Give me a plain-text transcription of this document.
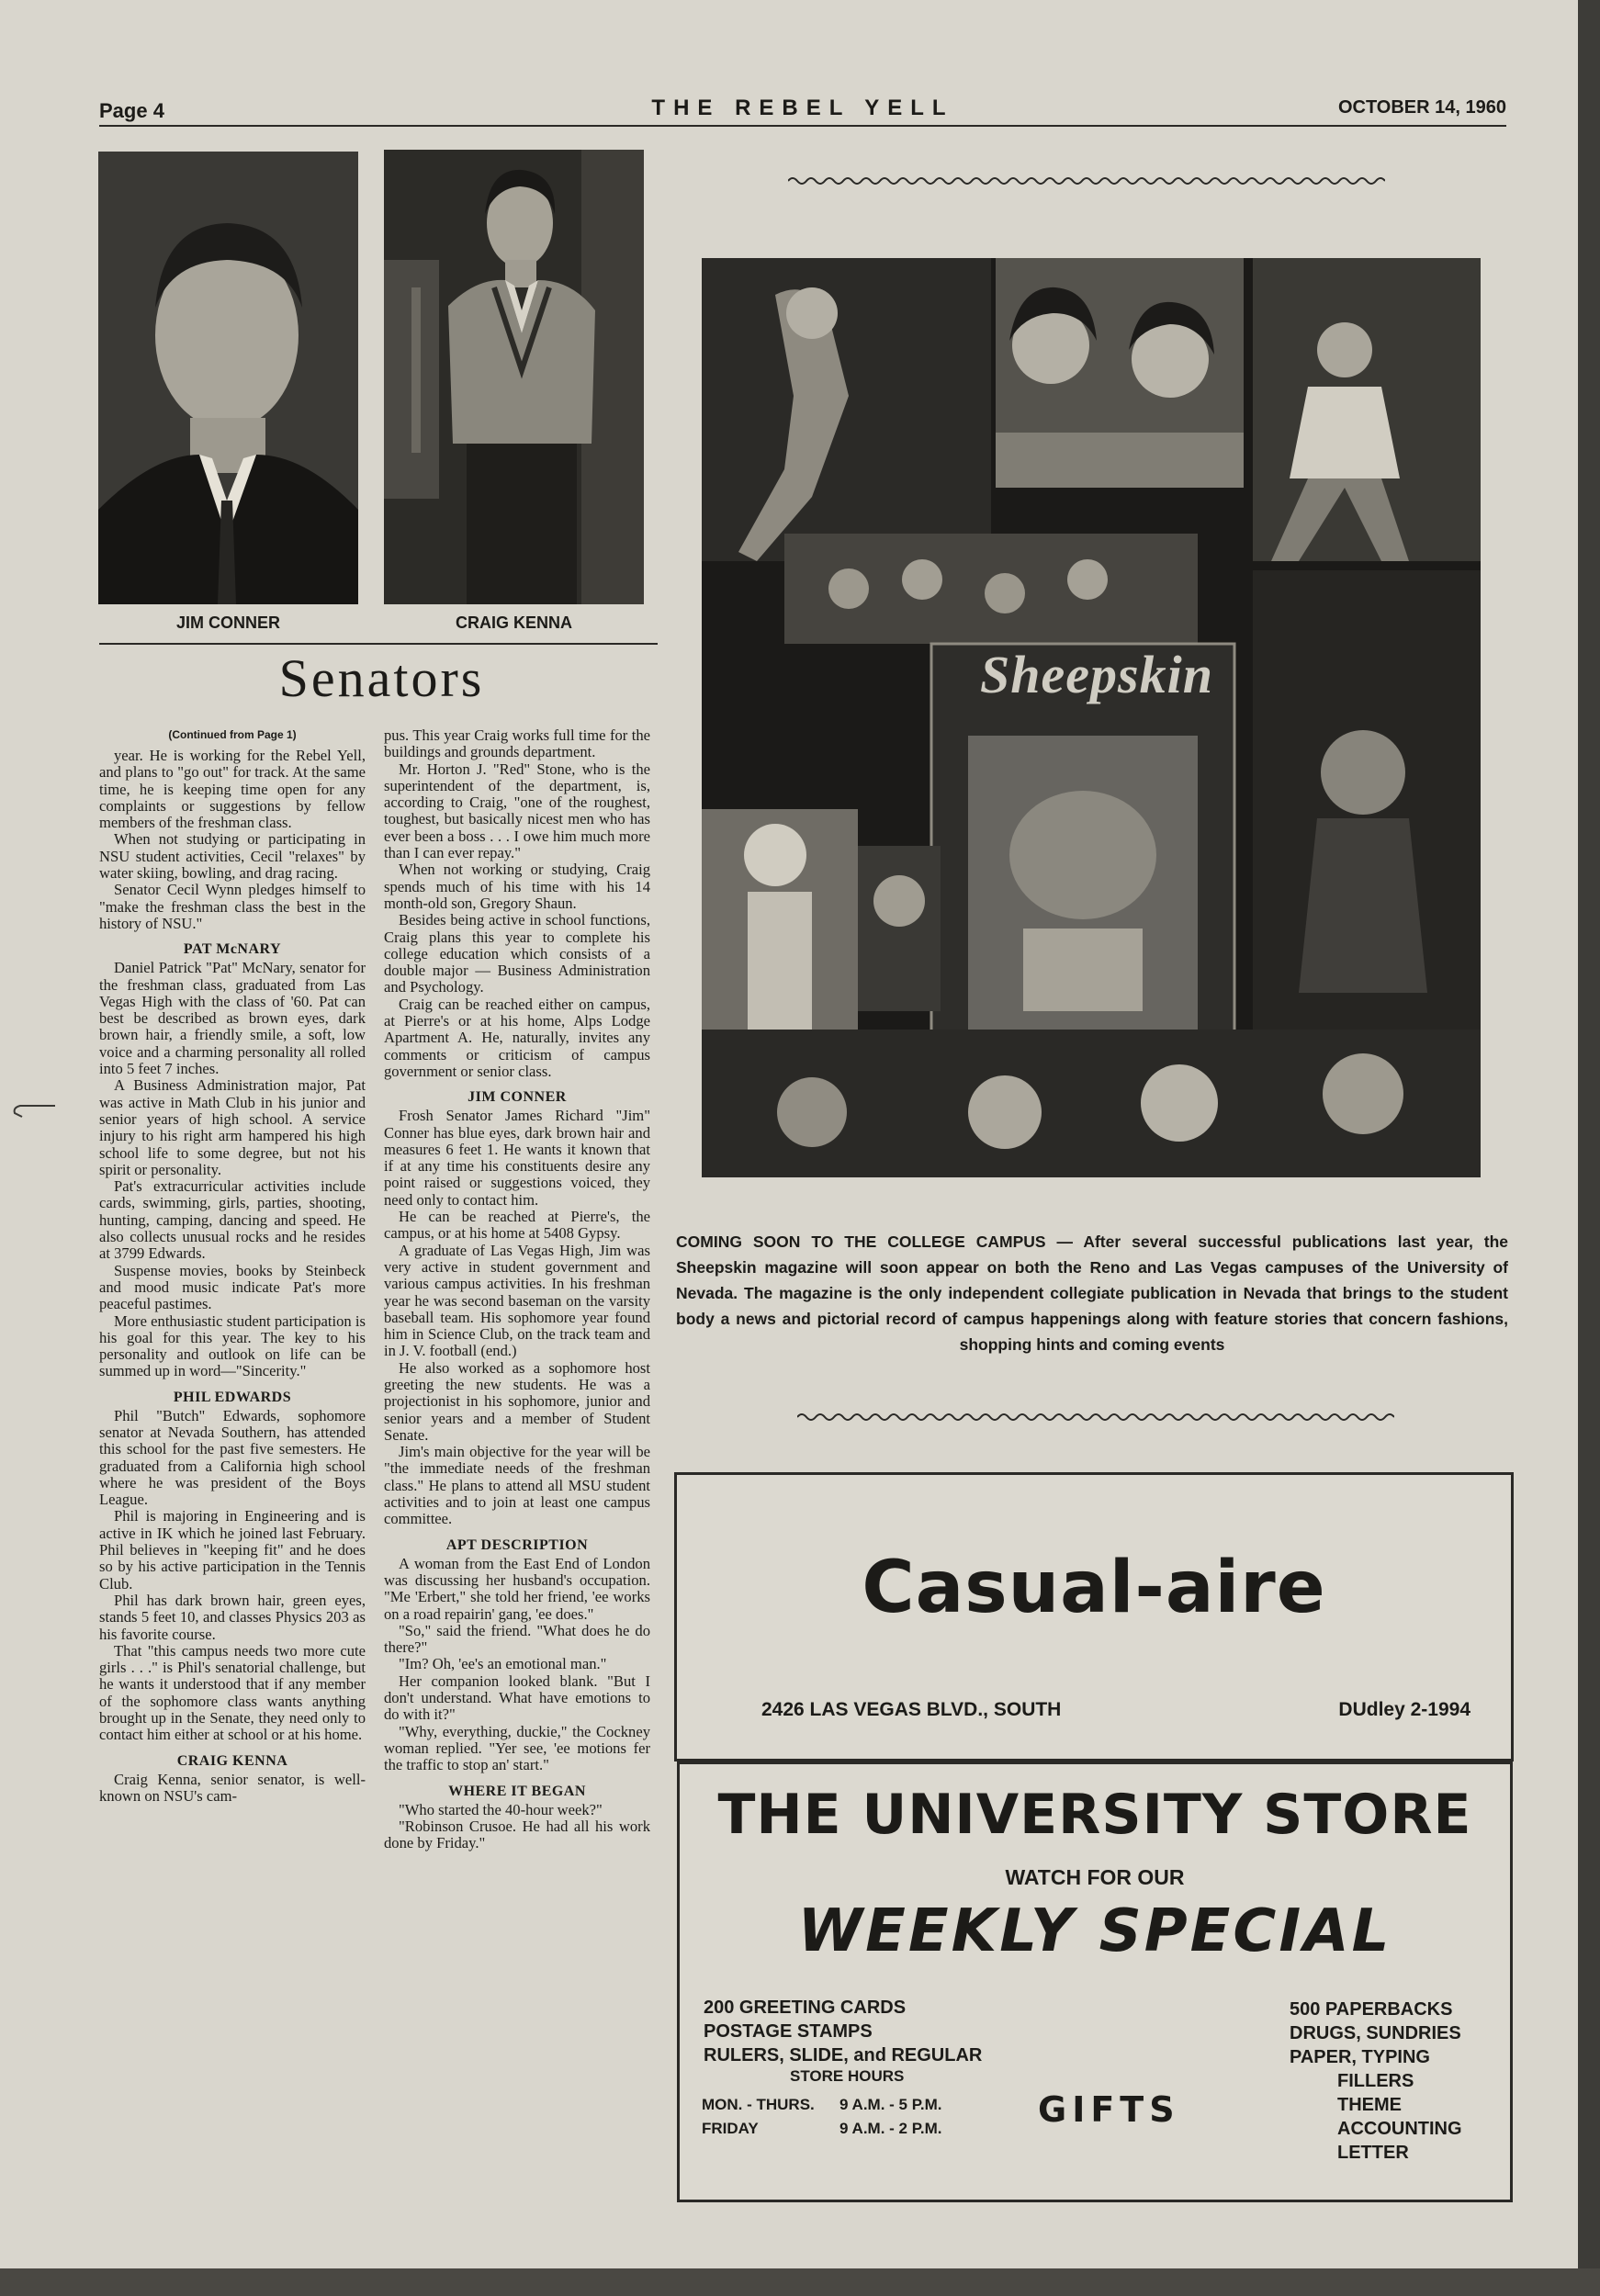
Page 4	THE REBEL YELL	OCTOBER 14, 1960
JIM CONNER	CRAIG KENNA
Senators

(Continued from Page 1)

year. He is working for the Rebel Yell, and plans to "go out" for track. At the same time, he is keeping time open for any complaints or suggestions by fellow members of the freshman class.

When not studying or participating in NSU student activities, Cecil "relaxes" by water skiing, bowling, and drag racing.

Senator Cecil Wynn pledges himself to "make the freshman class the best in the history of NSU."

PAT McNARY

Daniel Patrick "Pat" McNary, senator for the freshman class, graduated from Las Vegas High with the class of '60. Pat can best be described as brown eyes, dark brown hair, a friendly smile, a soft, low voice and a charming personality all rolled into 5 feet 7 inches.

A Business Administration major, Pat was active in Math Club in his junior and senior years of high school. A service injury to his right arm hampered his high school life to some degree, but not his spirit or personality.

Pat's extracurricular activities include cards, swimming, girls, parties, shooting, hunting, camping, dancing and speed. He also collects unusual rocks and he resides at 3799 Edwards.

Suspense movies, books by Steinbeck and mood music indicate Pat's more peaceful pastimes.

More enthusiastic student participation is his goal for this year. The key to his personality and outlook on life can be summed up in word—"Sincerity."

PHIL EDWARDS

Phil "Butch" Edwards, sophomore senator at Nevada Southern, has attended this school for the past five semesters. He graduated from a California high school where he was president of the Boys League.

Phil is majoring in Engineering and is active in IK which he joined last February. Phil believes in "keeping fit" and he does so by his active participation in the Tennis Club.

Phil has dark brown hair, green eyes, stands 5 feet 10, and classes Physics 203 as his favorite course.

That "this campus needs two more cute girls . . ." is Phil's senatorial challenge, but he wants it understood that if any member of the sophomore class wants anything brought up in the Senate, they need only to contact him either at school or at his home.

CRAIG KENNA

Craig Kenna, senior senator, is well-known on NSU's cam-

pus. This year Craig works full time for the buildings and grounds department.

Mr. Horton J. "Red" Stone, who is the superintendent of the department, is, according to Craig, "one of the roughest, toughest, but basically nicest men who has ever been a boss . . . I owe him much more than I can ever repay."

When not working or studying, Craig spends much of his time with his 14 month-old son, Gregory Shaun.

Besides being active in school functions, Craig plans this year to complete his college education which consists of a double major — Business Administration and Psychology.

Craig can be reached either on campus, at Pierre's or at his home, Alps Lodge Apartment A. He, naturally, invites any comments or criticism of campus government or senior class.

JIM CONNER

Frosh Senator James Richard "Jim" Conner has blue eyes, dark brown hair and measures 6 feet 1. He wants it known that if at any time his constituents desire any point raised or suggestions voiced, they need only to contact him.

He can be reached at Pierre's, the campus, or at his home at 5408 Gypsy.

A graduate of Las Vegas High, Jim was very active in student government and various campus activities. In his freshman year he was second baseman on the varsity baseball team. His sophomore year found him in Science Club, on the track team and in J. V. football (end.)

He also worked as a sophomore host greeting the new students. He was a projectionist in his sophomore, junior and senior years and a member of Student Senate.

Jim's main objective for the year will be "the immediate needs of the freshman class." He plans to attend all MSU student activities and to join at least one campus committee.

APT DESCRIPTION

A woman from the East End of London was discussing her husband's occupation. "Me 'Erbert," she told her friend, 'ee works on a road repairin' gang, 'ee does."

"So," said the friend. "What does he do there?"

"Im? Oh, 'ee's an emotional man."

Her companion looked blank. "But I don't understand. What have emotions to do with it?"

"Why, everything, duckie," the Cockney woman replied. "Yer see, 'ee motions fer the traffic to stop an' start."

WHERE IT BEGAN

"Who started the 40-hour week?"

"Robinson Crusoe. He had all his work done by Friday."

Sheepskin
COMING SOON TO THE COLLEGE CAMPUS — After several successful publications last year, the Sheepskin magazine will soon appear on both the Reno and Las Vegas campuses of the University of Nevada. The magazine is the only independent collegiate publication in Nevada that brings to the student body a news and pictorial record of campus happenings along with feature stories that concern fashions, shopping hints and coming events
Casual-aire
2426 LAS VEGAS BLVD., SOUTH	DUdley 2-1994
THE UNIVERSITY STORE
WATCH FOR OUR
WEEKLY SPECIAL
200 GREETING CARDS
POSTAGE STAMPS
RULERS, SLIDE, and REGULAR
500 PAPERBACKS
DRUGS, SUNDRIES
PAPER, TYPING
FILLERS
THEME
ACCOUNTING
LETTER
STORE HOURS
MON. - THURS. 9 A.M. - 5 P.M.
FRIDAY	9 A.M. - 2 P.M.	GIFTS
